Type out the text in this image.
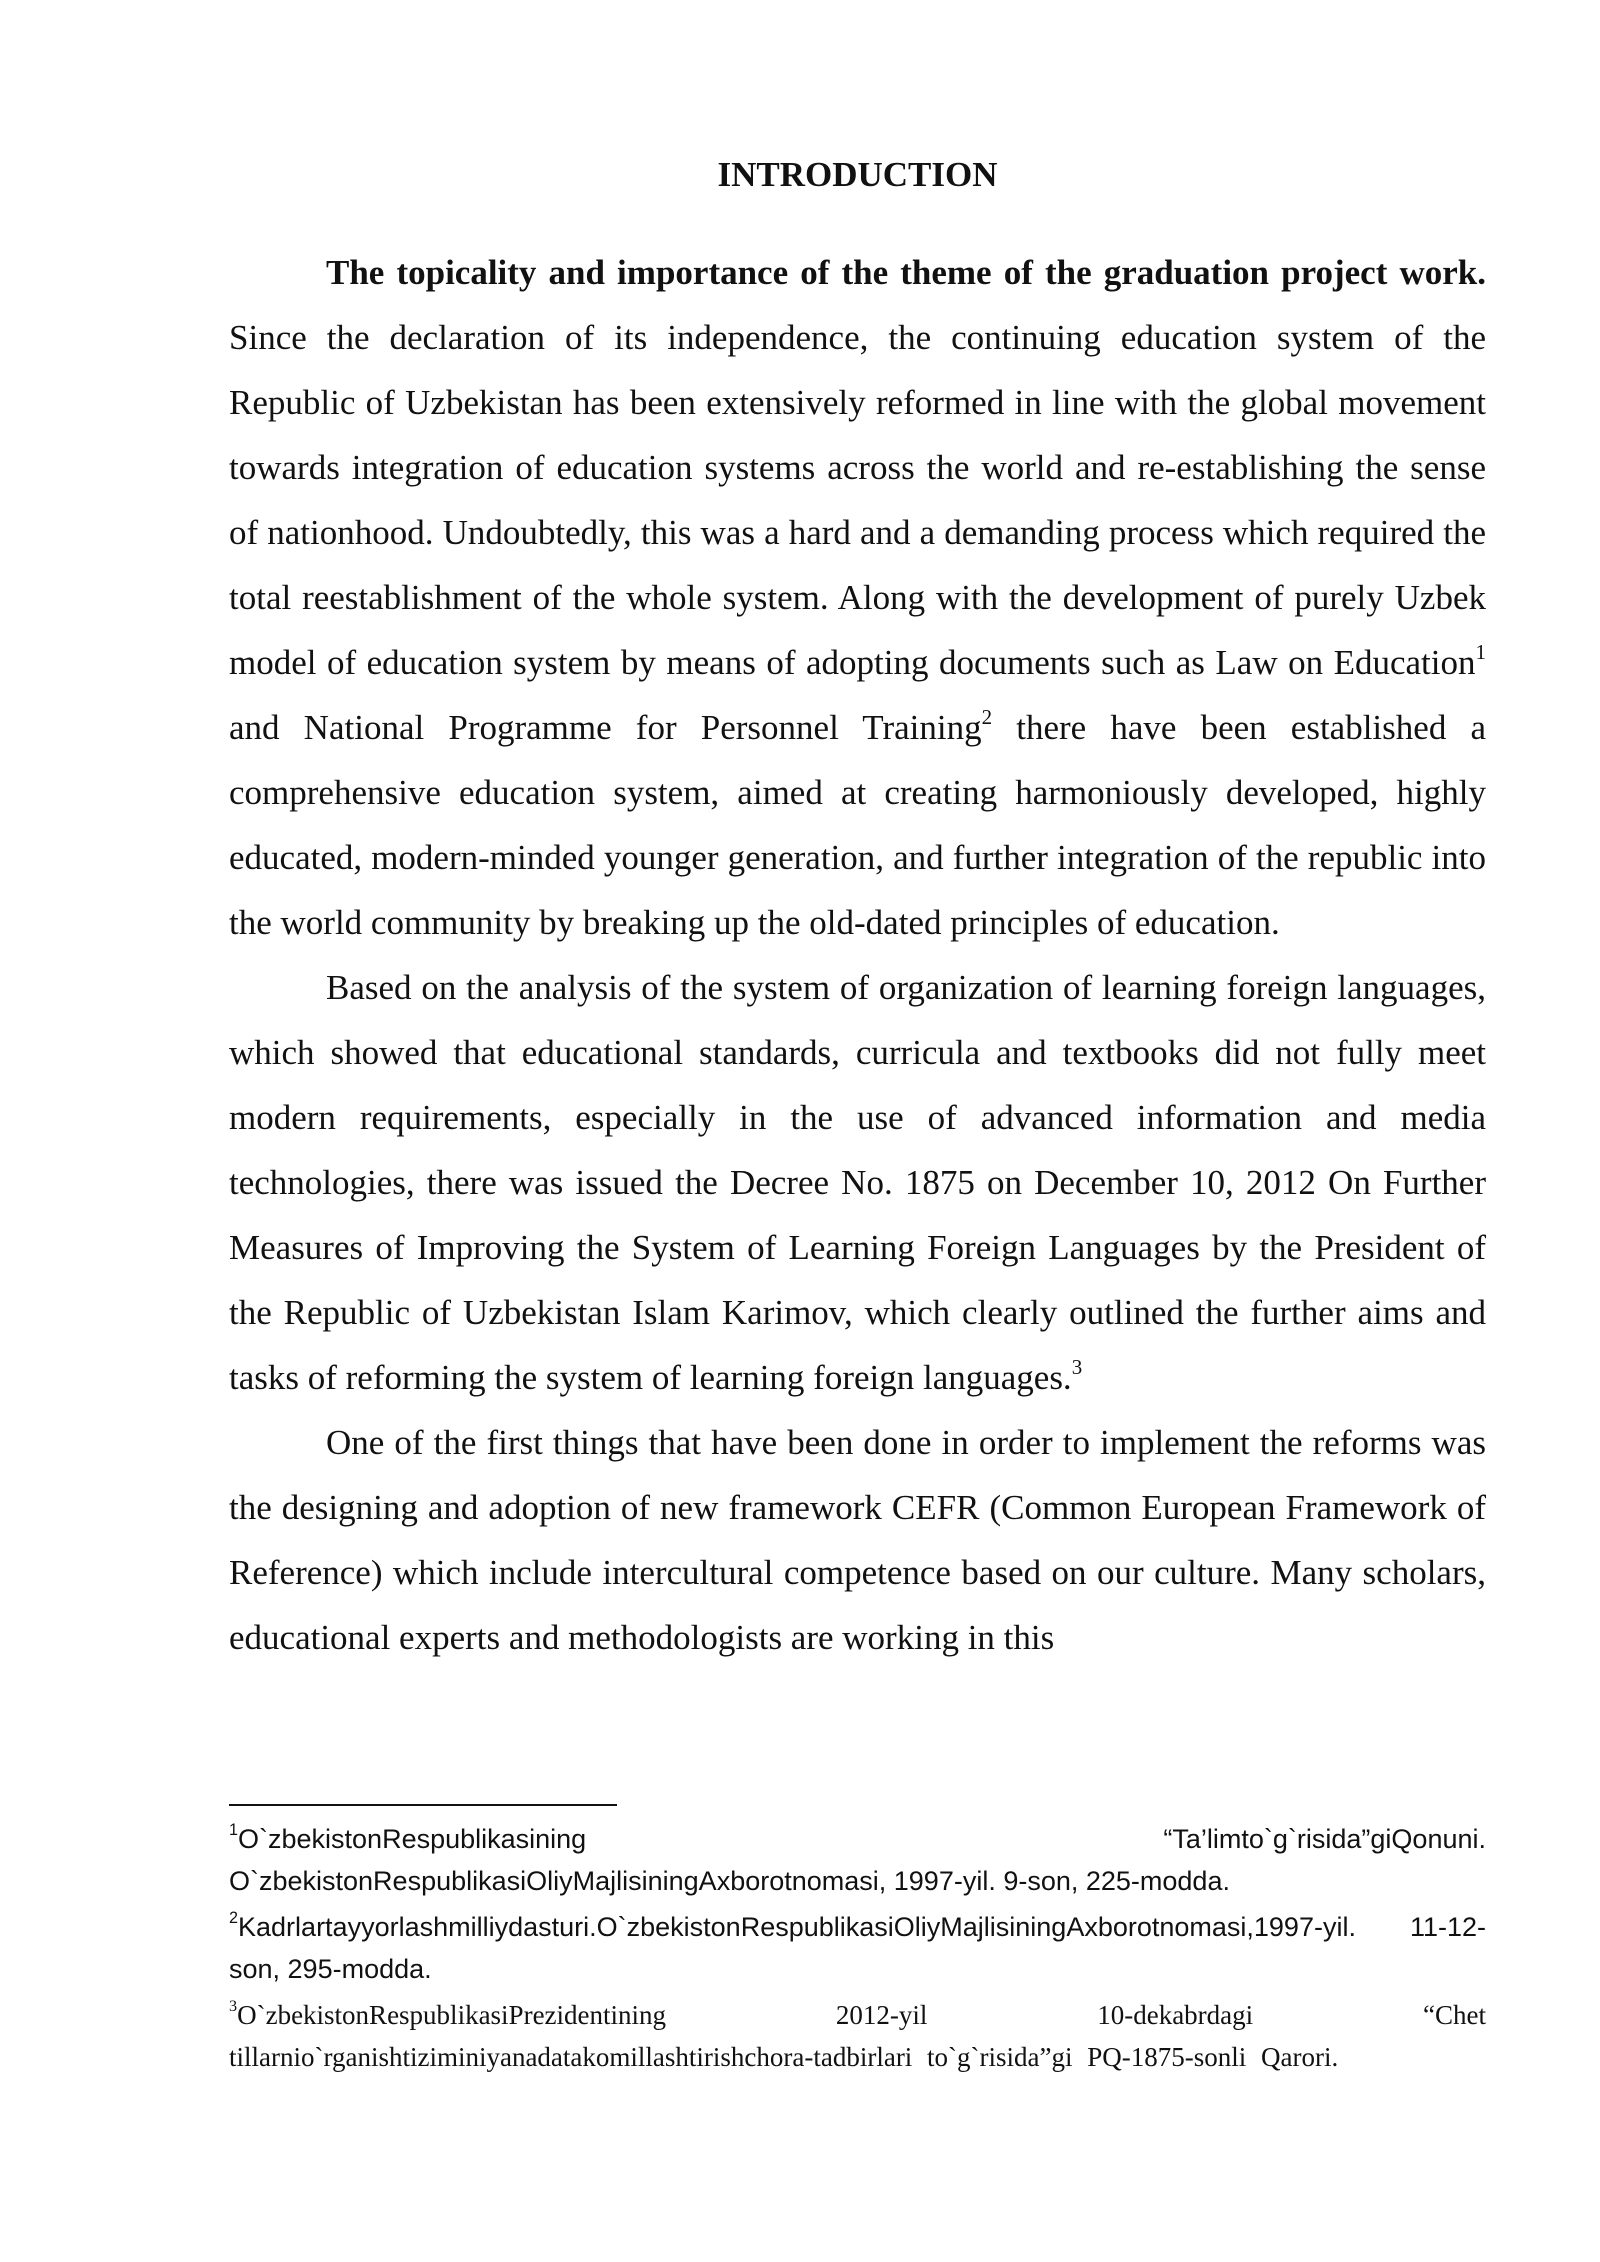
INTRODUCTION

The topicality and importance of the theme of the graduation project work. Since the declaration of its independence, the continuing education system of the Republic of Uzbekistan has been extensively reformed in line with the global movement towards integration of education systems across the world and re-establishing the sense of nationhood. Undoubtedly, this was a hard and a demanding process which required the total reestablishment of the whole system. Along with the development of purely Uzbek model of education system by means of adopting documents such as Law on Education$^1$ and National Programme for Personnel Training$^2$ there have been established a comprehensive education system, aimed at creating harmoniously developed, highly educated, modern-minded younger generation, and further integration of the republic into the world community by breaking up the old-dated principles of education.

Based on the analysis of the system of organization of learning foreign languages, which showed that educational standards, curricula and textbooks did not fully meet modern requirements, especially in the use of advanced information and media technologies, there was issued the Decree No. 1875 on December 10, 2012 On Further Measures of Improving the System of Learning Foreign Languages by the President of the Republic of Uzbekistan Islam Karimov, which clearly outlined the further aims and tasks of reforming the system of learning foreign languages.$^3$

One of the first things that have been done in order to implement the reforms was the designing and adoption of new framework CEFR (Common European Framework of Reference) which include intercultural competence based on our culture. Many scholars, educational experts and methodologists are working in this

$^1$O`zbekistonRespublikasining	“Ta’limto`g`risida”giQonuni.
O`zbekistonRespublikasiOliyMajlisiningAxborotnomasi, 1997-yil. 9-son, 225-modda.
$^2$Kadrlartayyorlashmilliydasturi.O`zbekistonRespublikasiOliyMajlisiningAxborotnomasi,1997-yil. 11-12-son, 295-modda.
$^3$O`zbekistonRespublikasiPrezidentining 2012-yil 10-dekabrdagi “Chet tillarnio`rganishtiziminiyanadatakomillashtirishchora-tadbirlari to`g`risida”gi PQ-1875-sonli Qarori.
